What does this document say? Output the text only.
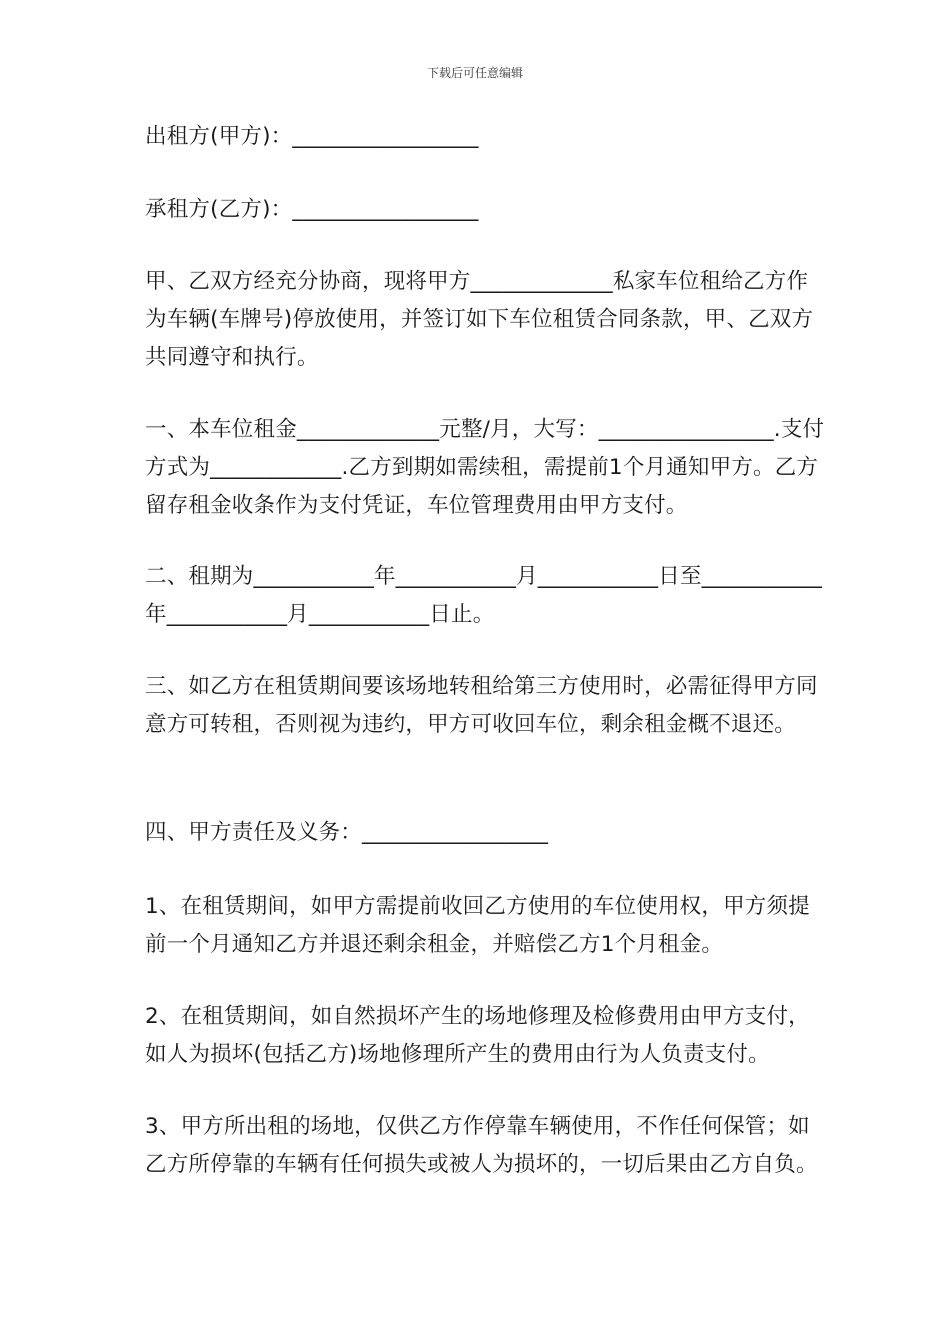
下载后可任意编辑
出租方(甲方)：_________________
承租方(乙方)：_________________
甲、乙双方经充分协商，现将甲方_____________私家车位租给乙方作为车辆(车牌号)停放使用，并签订如下车位租赁合同条款，甲、乙双方共同遵守和执行。
一、本车位租金_____________元整/月，大写：________________.支付方式为____________.乙方到期如需续租，需提前1个月通知甲方。乙方留存租金收条作为支付凭证，车位管理费用由甲方支付。
二、租期为___________年___________月___________日至___________年___________月___________日止。
三、如乙方在租赁期间要该场地转租给第三方使用时，必需征得甲方同意方可转租，否则视为违约，甲方可收回车位，剩余租金概不退还。
四、甲方责任及义务：_________________
1、在租赁期间，如甲方需提前收回乙方使用的车位使用权，甲方须提前一个月通知乙方并退还剩余租金，并赔偿乙方1个月租金。
2、在租赁期间，如自然损坏产生的场地修理及检修费用由甲方支付，如人为损坏(包括乙方)场地修理所产生的费用由行为人负责支付。
3、甲方所出租的场地，仅供乙方作停靠车辆使用，不作任何保管；如乙方所停靠的车辆有任何损失或被人为损坏的，一切后果由乙方自负。
